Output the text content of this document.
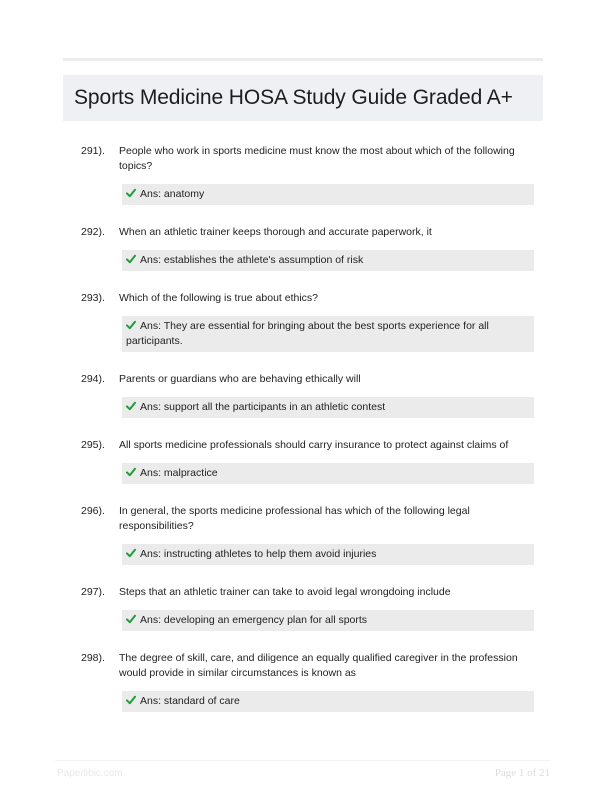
Sports Medicine HOSA Study Guide Graded A+
291).	People who work in sports medicine must know the most about which of the following topics?
Ans: anatomy
292).	When an athletic trainer keeps thorough and accurate paperwork, it
Ans: establishes the athlete's assumption of risk
293).	Which of the following is true about ethics?
Ans: They are essential for bringing about the best sports experience for all participants.
294).	Parents or guardians who are behaving ethically will
Ans: support all the participants in an athletic contest
295).	All sports medicine professionals should carry insurance to protect against claims of
Ans: malpractice
296).	In general, the sports medicine professional has which of the following legal responsibilities?
Ans: instructing athletes to help them avoid injuries
297).	Steps that an athletic trainer can take to avoid legal wrongdoing include
Ans: developing an emergency plan for all sports
298).	The degree of skill, care, and diligence an equally qualified caregiver in the profession would provide in similar circumstances is known as
Ans: standard of care
Paperlibic.com	Page 1 of 21
